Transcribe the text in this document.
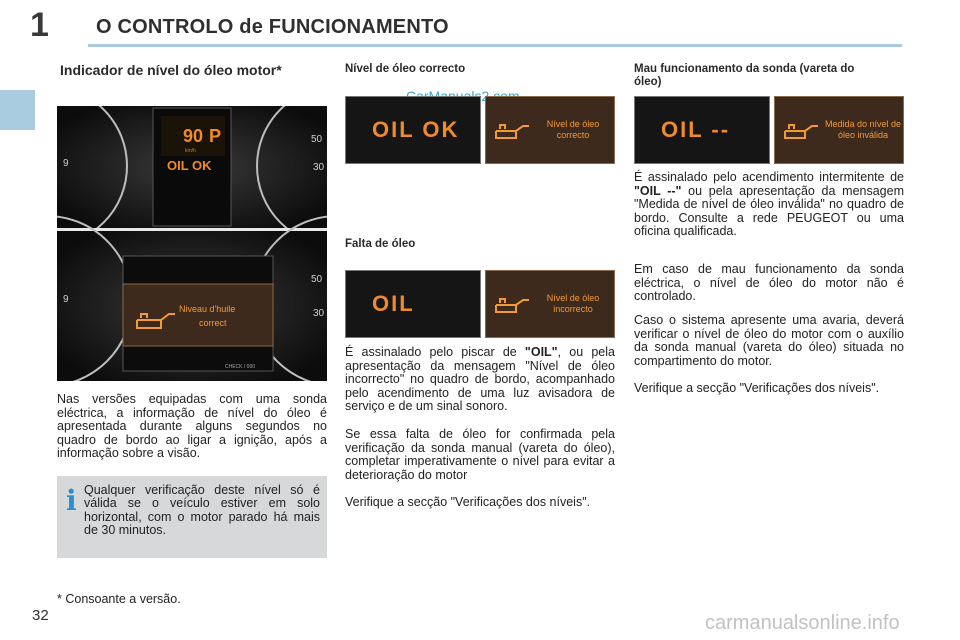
1 O CONTROLO de FUNCIONAMENTO
Indicador de nível do óleo motor*
9
50
30
90
km/h
P
OIL OK
9
50
30
Niveau d'huile
correct
CHECK / 000
Nas versões equipadas com uma sonda eléctrica, a informação de nível do óleo é apresentada durante alguns segundos no quadro de bordo ao ligar a ignição, após a informação sobre a visão.
i Qualquer verificação deste nível só é válida se o veículo estiver em solo horizontal, com o motor parado há mais de 30 minutos.
* Consoante a versão.
Nível de óleo correcto
OIL OK	Nível de óleo correcto
Falta de óleo
OIL	Nível de óleo incorrecto
É assinalado pelo piscar de "OIL", ou pela apresentação da mensagem "Nível de óleo incorrecto" no quadro de bordo, acompanhado pelo acendimento de uma luz avisadora de serviço e de um sinal sonoro.
Se essa falta de óleo for confirmada pela verificação da sonda manual (vareta do óleo), completar imperativamente o nível para evitar a deterioração do motor
Verifique a secção "Verificações dos níveis".
Mau funcionamento da sonda (vareta do óleo)
OIL --	Medida do nível de óleo inválida
É assinalado pelo acendimento intermitente de "OIL --" ou pela apresentação da mensagem "Medida de nível de óleo inválida" no quadro de bordo. Consulte a rede PEUGEOT ou uma oficina qualificada.
Em caso de mau funcionamento da sonda eléctrica, o nível de óleo do motor não é controlado.
Caso o sistema apresente uma avaria, deverá verificar o nível de óleo do motor com o auxílio da sonda manual (vareta do óleo) situada no compartimento do motor.
Verifique a secção "Verificações dos níveis".
32	carmanualsonline.info
